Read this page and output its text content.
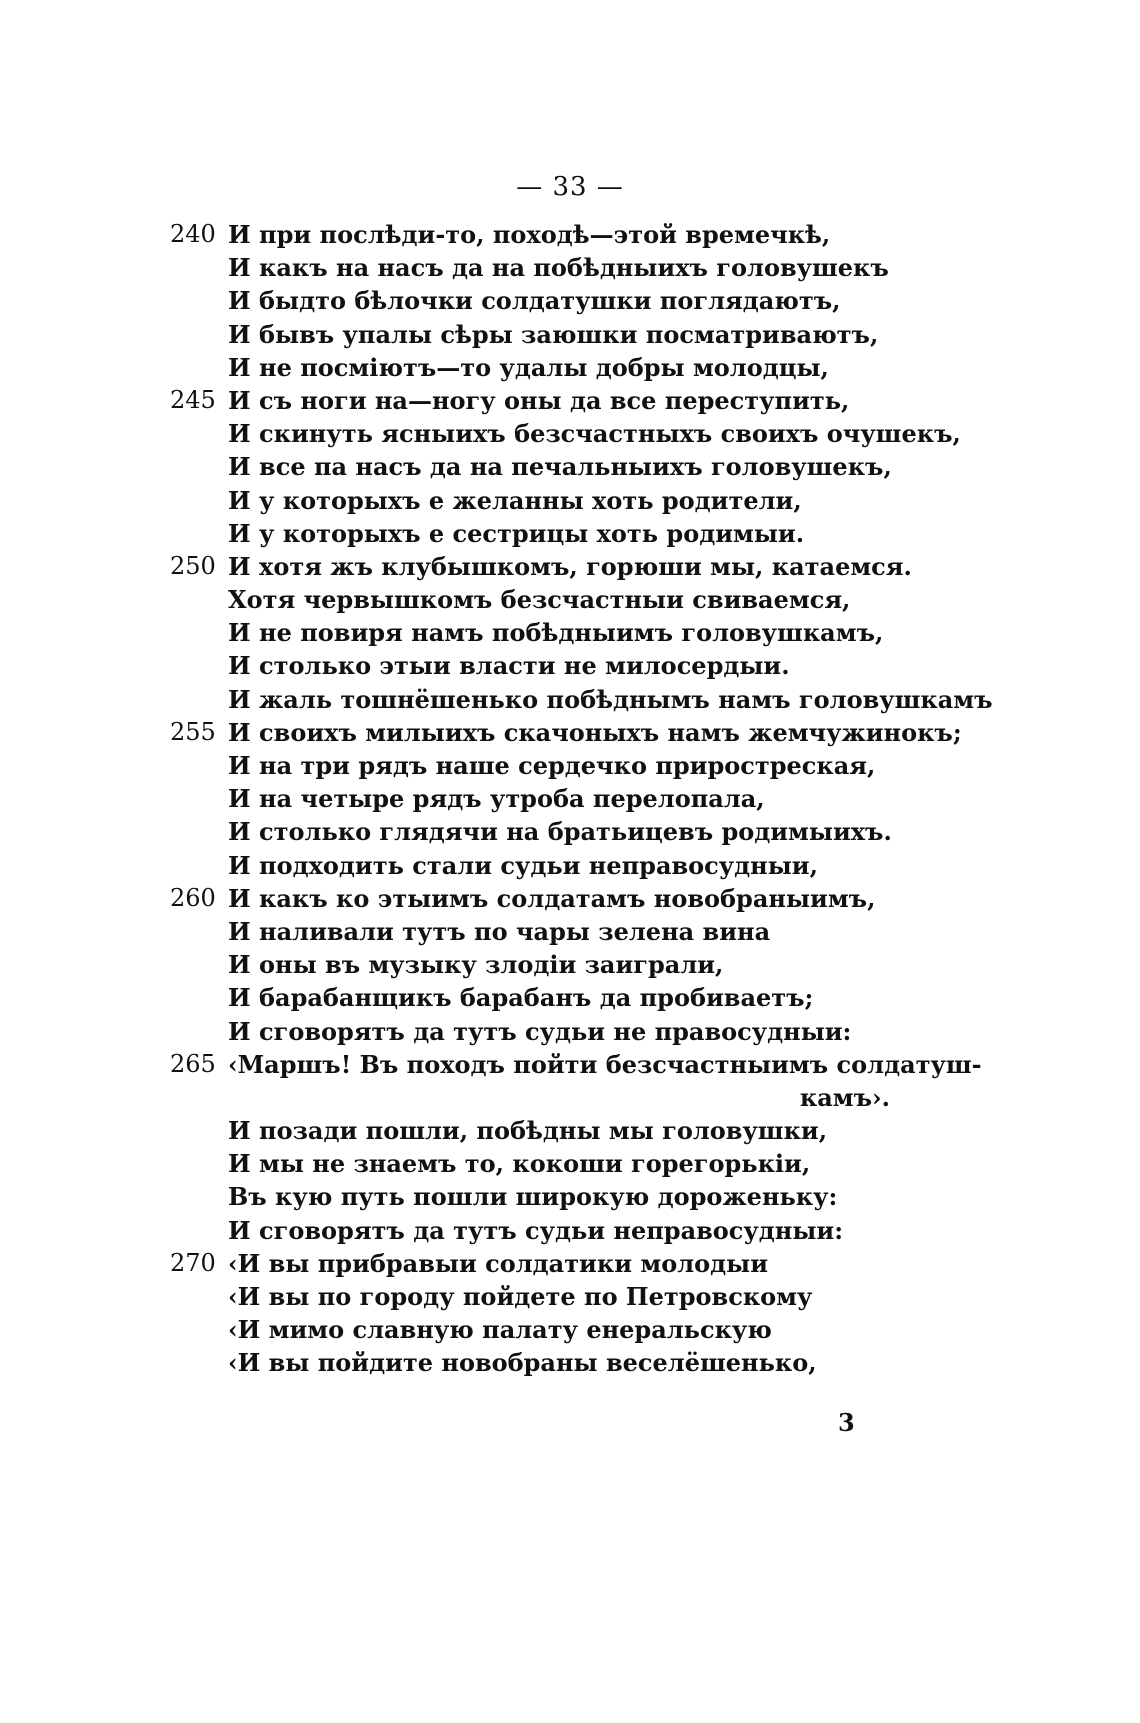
— 33 —
240 И при послѣди-то, походѣ—этой времечкѣ,
И какъ на насъ да на побѣдныихъ головушекъ
И быдто бѣлочки солдатушки поглядаютъ,
И бывъ упалы сѣры заюшки посматриваютъ,
И не посмiютъ—то удалы добры молодцы,
245 И съ ноги на—ногу оны да все переступить,
И скинуть ясныихъ безсчастныхъ своихъ очушекъ,
И все па насъ да на печальныихъ головушекъ,
И у которыхъ е желанны хоть родители,
И у которыхъ е сестрицы хоть родимыи.
250 И хотя жъ клубышкомъ, горюши мы, катаемся.
Хотя червышкомъ безсчастныи свиваемся,
И не повиря намъ побѣдныимъ головушкамъ,
И столько этыи власти не милосердыи.
И жаль тошнёшенько побѣднымъ намъ головушкамъ
255 И своихъ милыихъ скачоныхъ намъ жемчужинокъ;
И на три рядъ наше сердечко приростреская,
И на четыре рядъ утроба перелопала,
И столько глядячи на братьицевъ родимыихъ.
И подходить стали судьи неправосудныи,
260 И какъ ко этыимъ солдатамъ новобраныимъ,
И наливали тутъ по чары зелена вина
И оны въ музыку злодiи заиграли,
И барабанщикъ барабанъ да пробиваетъ;
И сговорятъ да тутъ судьи не правосудныи:
265 ‹Маршъ! Въ походъ пойти безсчастныимъ солдатуш-
камъ›.
И позади пошли, побѣдны мы головушки,
И мы не знаемъ то, кокоши горегорькiи,
Въ кую путь пошли широкую дороженьку:
И сговорятъ да тутъ судьи неправосудныи:
270 ‹И вы прибравыи солдатики молодыи
‹И вы по городу пойдете по Петровскому
‹И мимо славную палату енеральскую
‹И вы пойдите новобраны веселёшенько,
3
